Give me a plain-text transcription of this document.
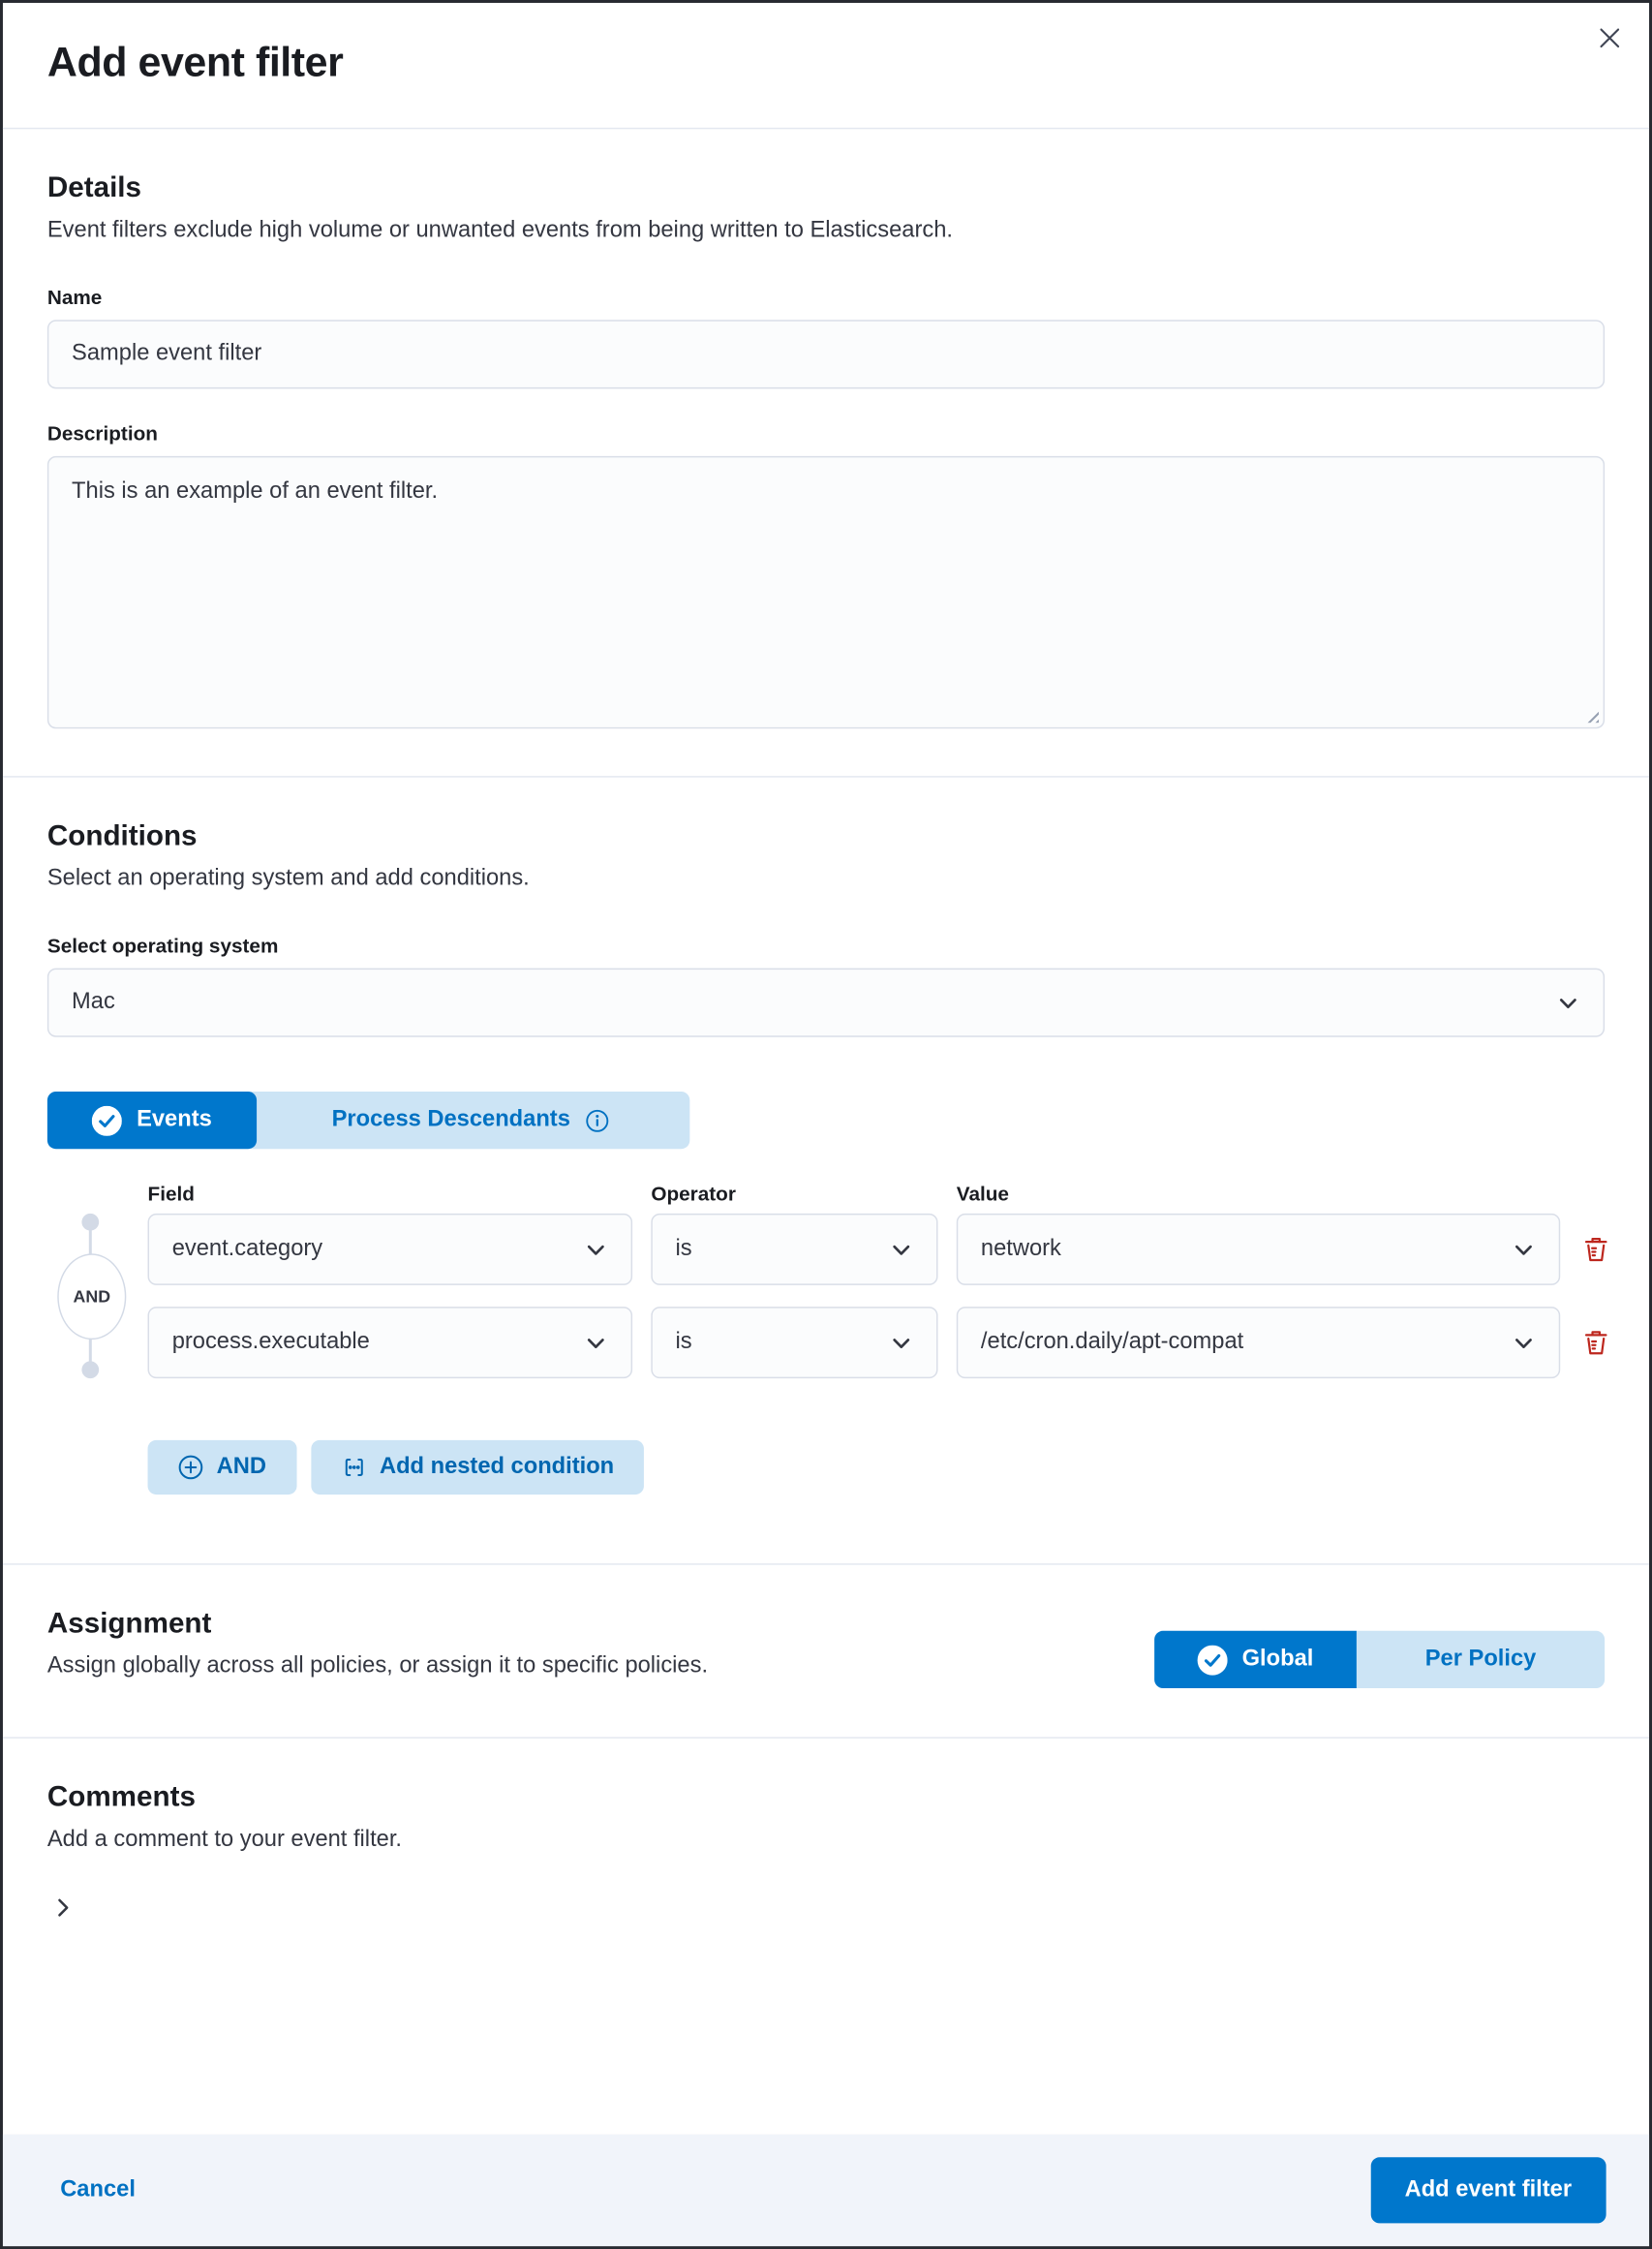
Add event filter
Details

Event filters exclude high volume or unwanted events from being written to Elasticsearch.

Name
Sample event filter
Description
This is an example of an event filter.
Conditions

Select an operating system and add conditions.

Select operating system
Mac
Events	Process Descendants
Field	Operator	Value
AND
event.category	is	network
process.executable	is	/etc/cron.daily/apt-compat
AND	Add nested condition
Assignment

Assign globally across all policies, or assign it to specific policies.	Global	Per Policy
Comments

Add a comment to your event filter.

Cancel	Add event filter
